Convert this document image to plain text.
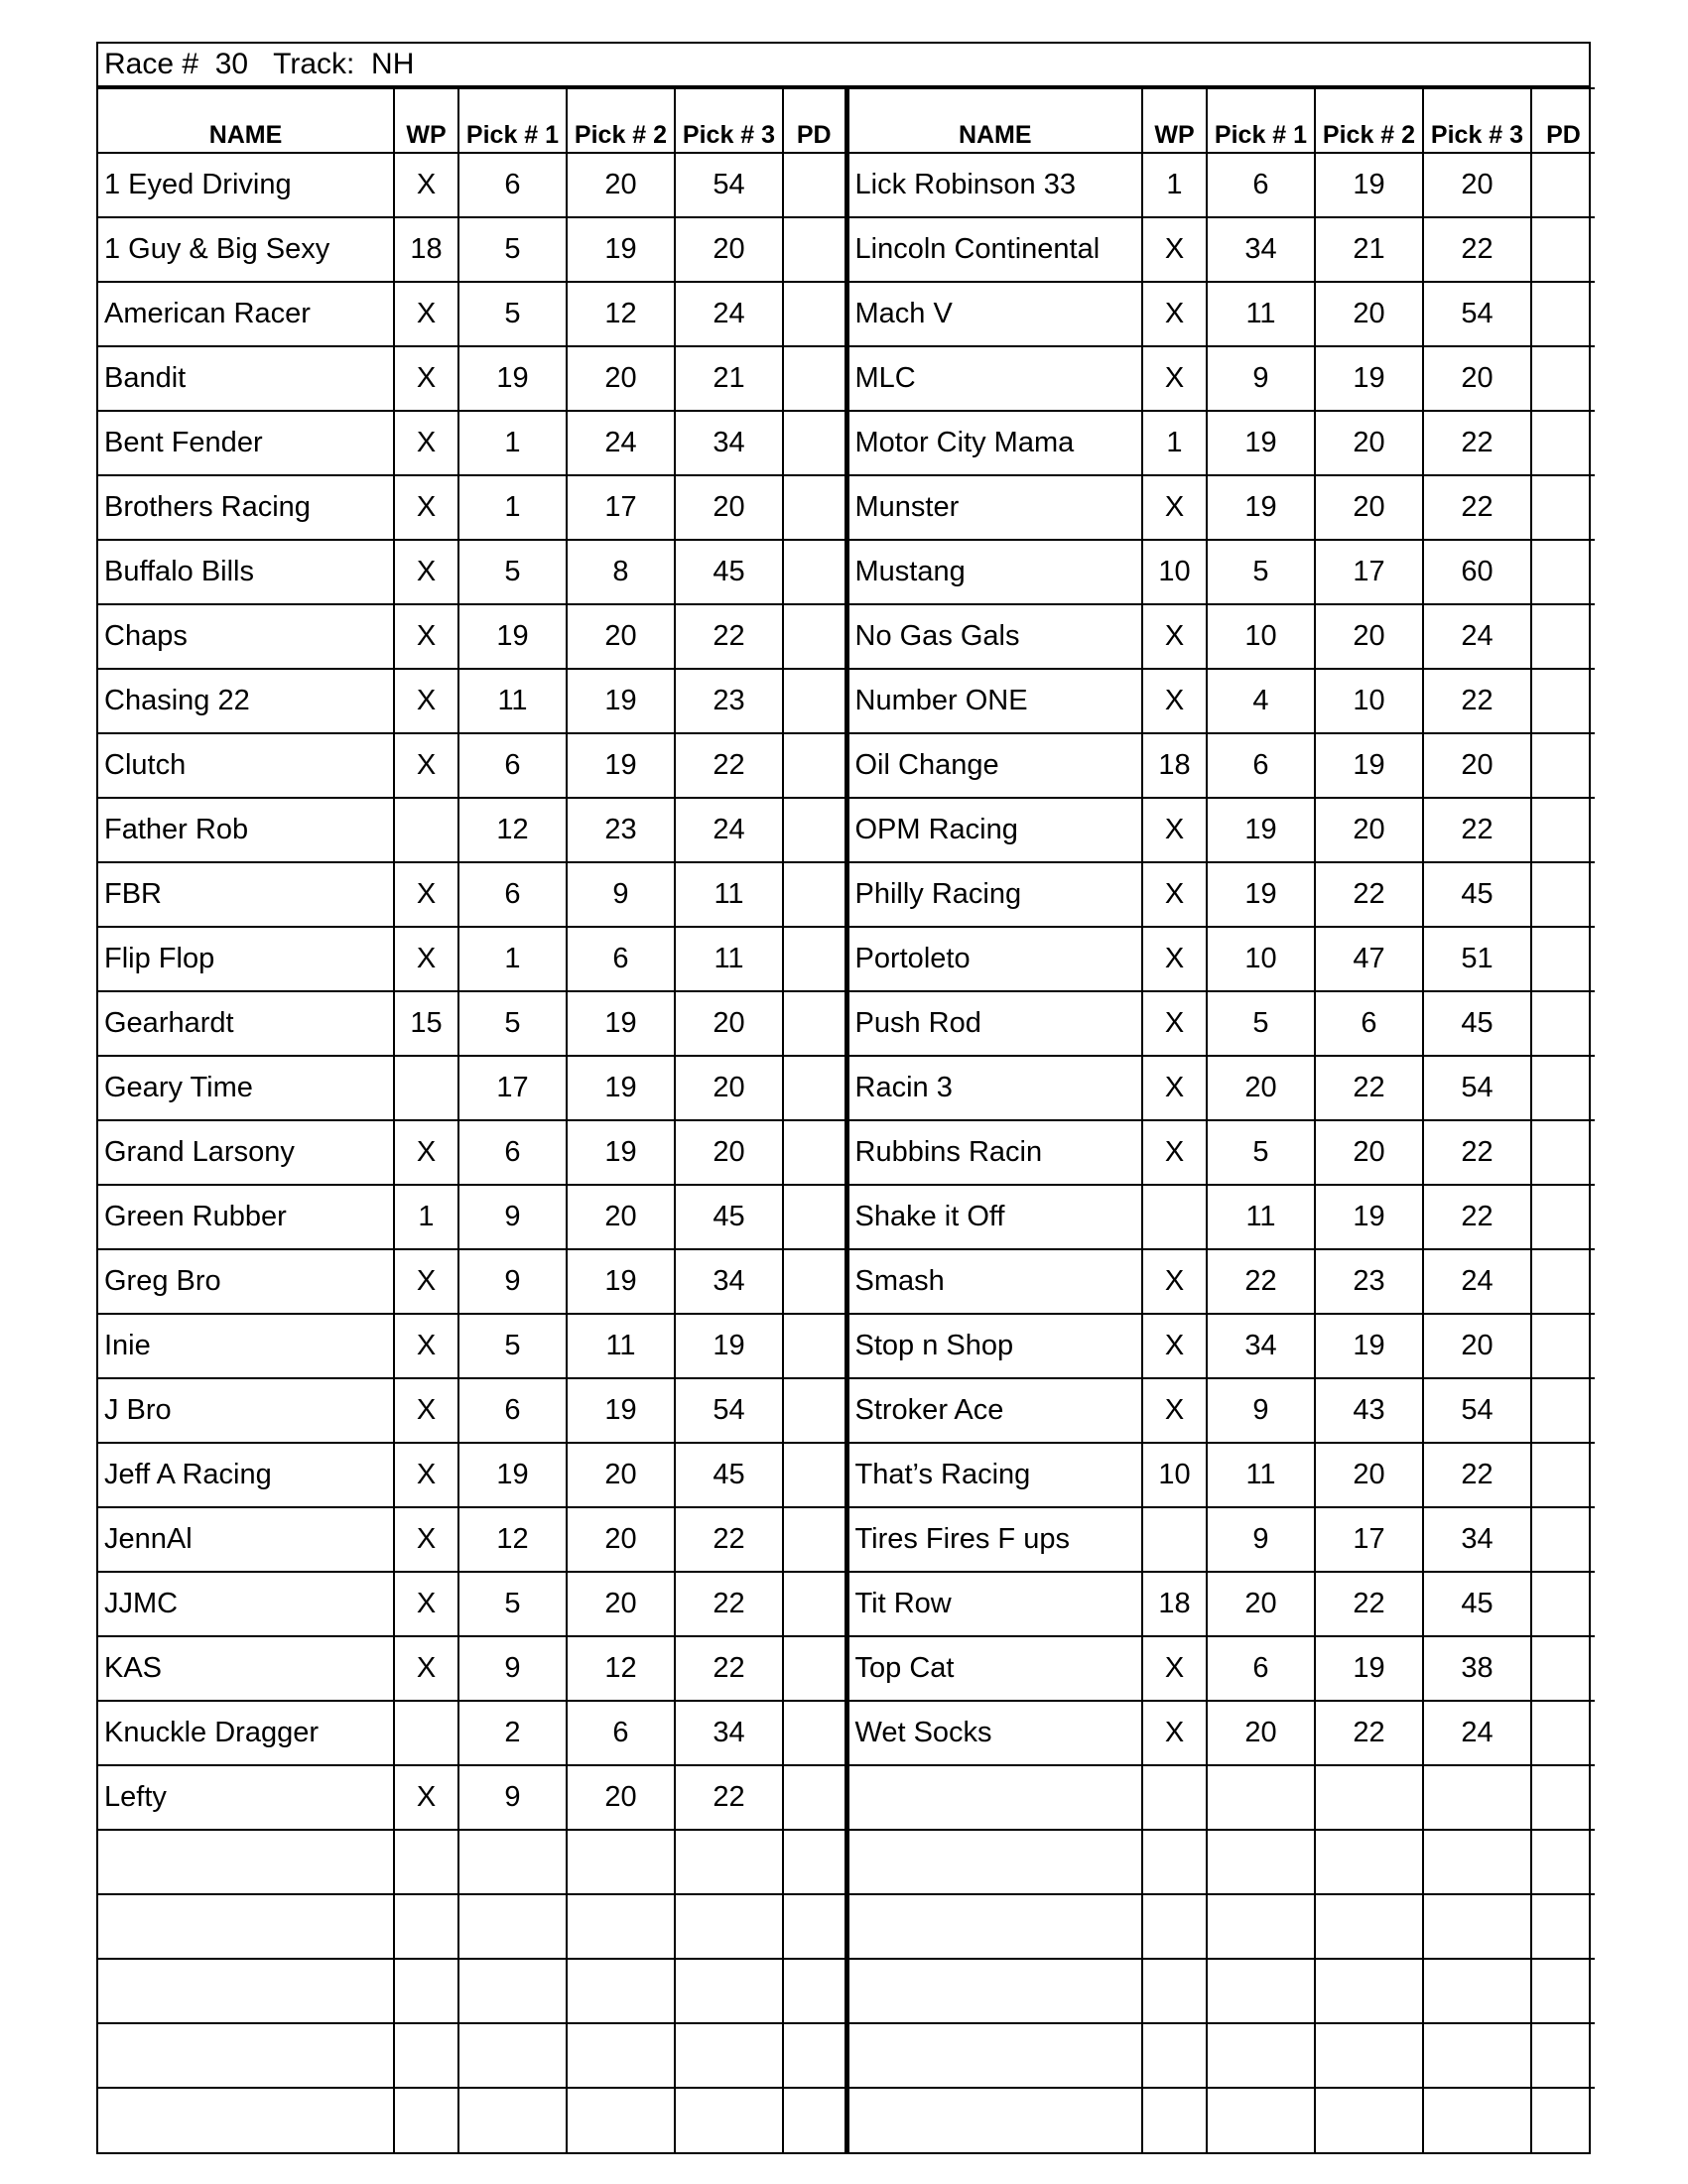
Race # 30 Track: NH
NAME	WP	Pick # 1	Pick # 2	Pick # 3	PD	NAME	WP	Pick # 1	Pick # 2	Pick # 3	PD
1 Eyed Driving	X	6	20	54		Lick Robinson 33	1	6	19	20	
1 Guy & Big Sexy	18	5	19	20		Lincoln Continental	X	34	21	22	
American Racer	X	5	12	24		Mach V	X	11	20	54	
Bandit	X	19	20	21		MLC	X	9	19	20	
Bent Fender	X	1	24	34		Motor City Mama	1	19	20	22	
Brothers Racing	X	1	17	20		Munster	X	19	20	22	
Buffalo Bills	X	5	8	45		Mustang	10	5	17	60	
Chaps	X	19	20	22		No Gas Gals	X	10	20	24	
Chasing 22	X	11	19	23		Number ONE	X	4	10	22	
Clutch	X	6	19	22		Oil Change	18	6	19	20	
Father Rob		12	23	24		OPM Racing	X	19	20	22	
FBR	X	6	9	11		Philly Racing	X	19	22	45	
Flip Flop	X	1	6	11		Portoleto	X	10	47	51	
Gearhardt	15	5	19	20		Push Rod	X	5	6	45	
Geary Time		17	19	20		Racin 3	X	20	22	54	
Grand Larsony	X	6	19	20		Rubbins Racin	X	5	20	22	
Green Rubber	1	9	20	45		Shake it Off		11	19	22	
Greg Bro	X	9	19	34		Smash	X	22	23	24	
Inie	X	5	11	19		Stop n Shop	X	34	19	20	
J Bro	X	6	19	54		Stroker Ace	X	9	43	54	
Jeff A Racing	X	19	20	45		That’s Racing	10	11	20	22	
JennAl	X	12	20	22		Tires Fires F ups		9	17	34	
JJMC	X	5	20	22		Tit Row	18	20	22	45	
KAS	X	9	12	22		Top Cat	X	6	19	38	
Knuckle Dragger		2	6	34		Wet Socks	X	20	22	24	
Lefty	X	9	20	22							
